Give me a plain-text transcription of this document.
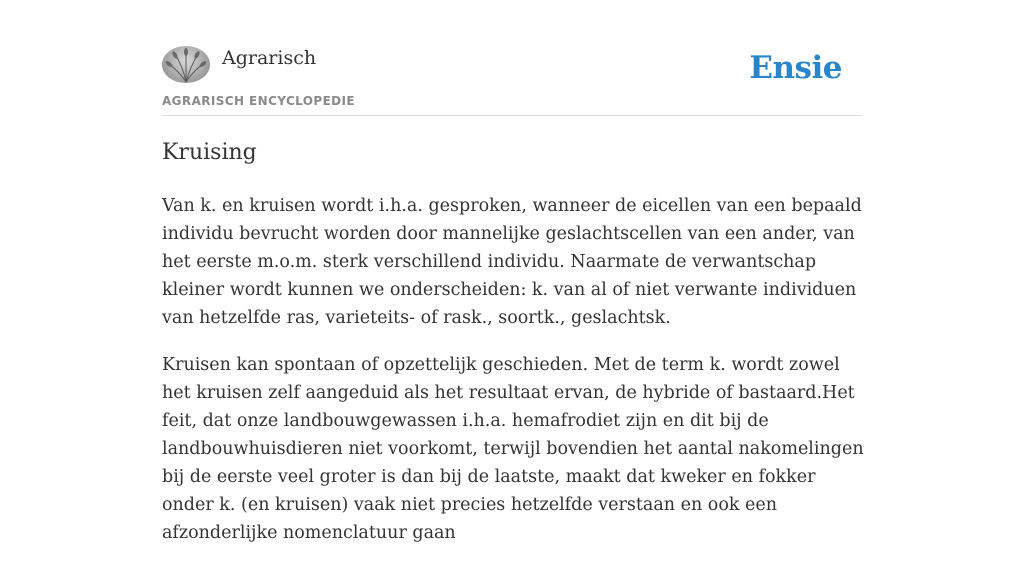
Agrarisch
AGRARISCH ENCYCLOPEDIE
Ensie
Kruising

Van k. en kruisen wordt i.h.a. gesproken, wanneer de eicellen van een bepaald individu bevrucht worden door mannelijke geslachtscellen van een ander, van het eerste m.o.m. sterk verschillend individu. Naarmate de verwantschap kleiner wordt kunnen we onderscheiden: k. van al of niet verwante individuen van hetzelfde ras, varieteits- of rask., soortk., geslachtsk.

Kruisen kan spontaan of opzettelijk geschieden. Met de term k. wordt zowel het kruisen zelf aangeduid als het resultaat ervan, de hybride of bastaard.Het feit, dat onze landbouwgewassen i.h.a. hemafrodiet zijn en dit bij de landbouwhuisdieren niet voorkomt, terwijl bovendien het aantal nakomelingen bij de eerste veel groter is dan bij de laatste, maakt dat kweker en fokker onder k. (en kruisen) vaak niet precies hetzelfde verstaan en ook een afzonderlijke nomenclatuur gaan
